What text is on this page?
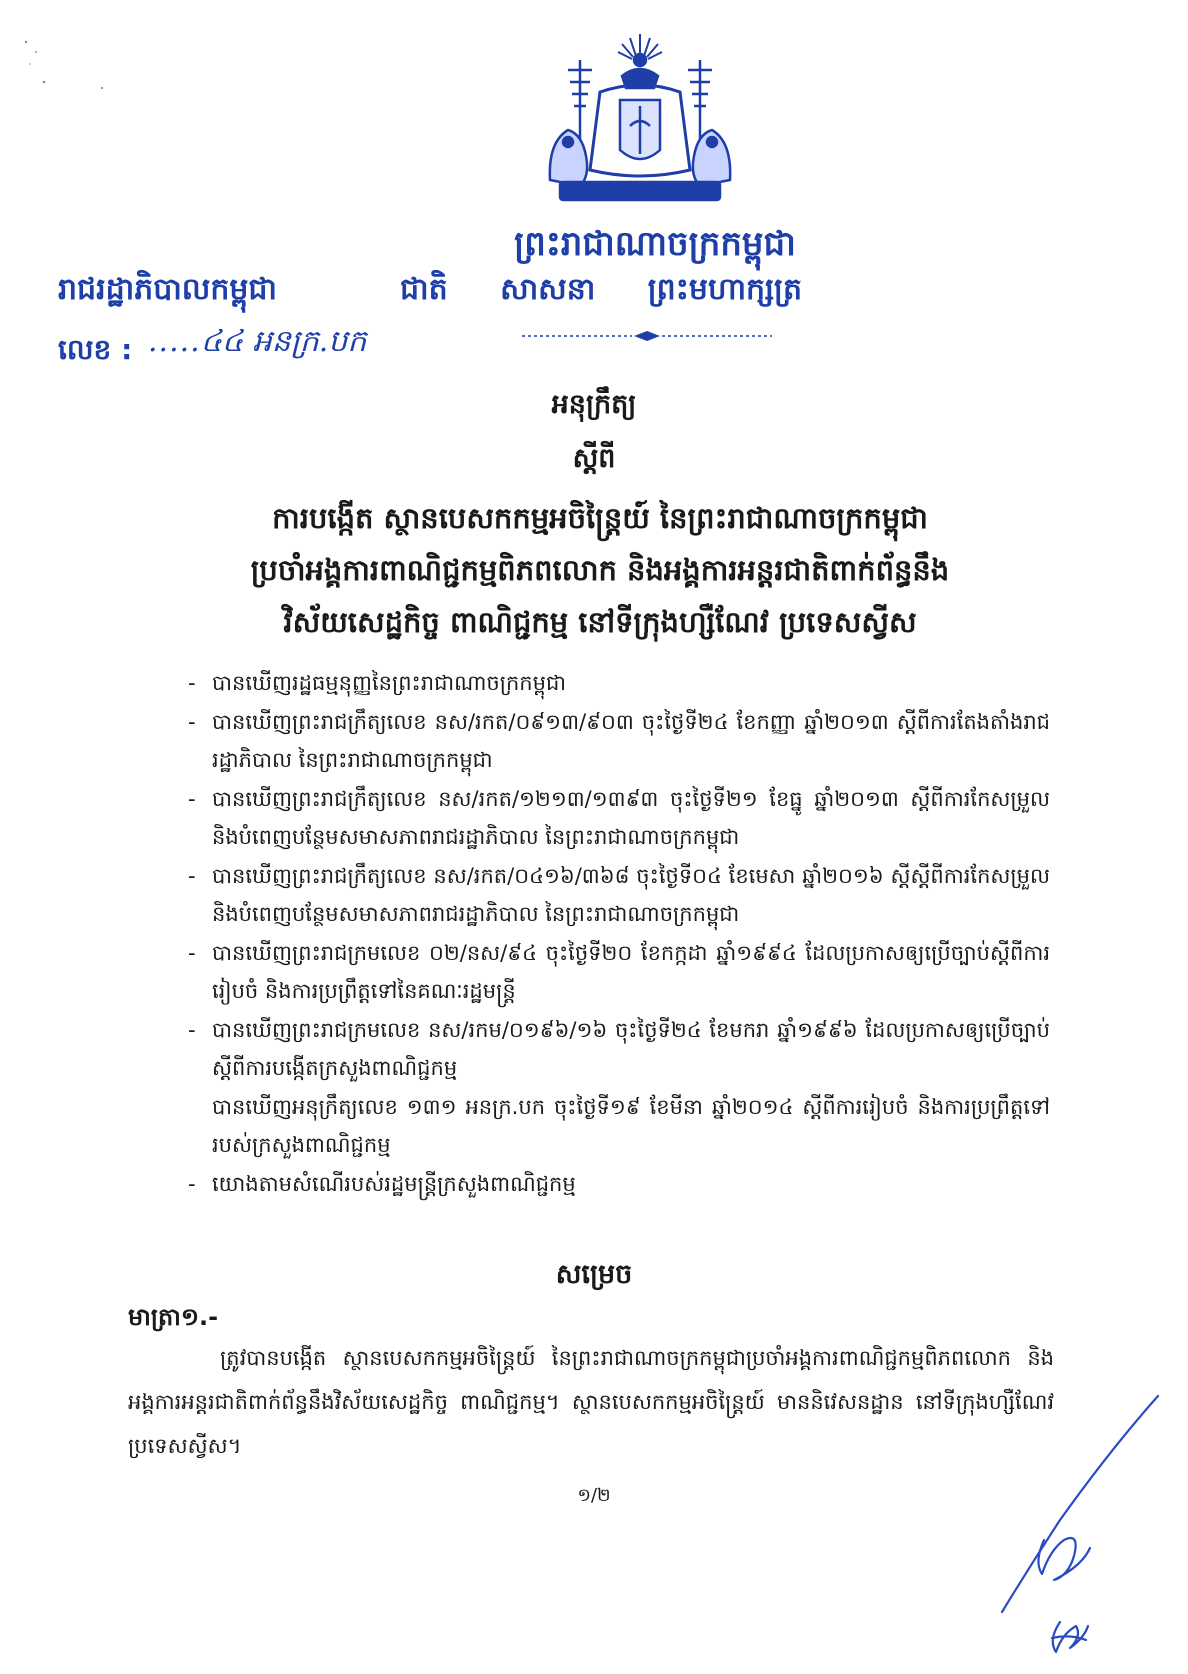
ព្រះរាជាណាចក្រកម្ពុជា
រាជរដ្ឋាភិបាលកម្ពុជា	ជាតិ សាសនា ព្រះមហាក្សត្រ
លេខ : .....៤៤ អនក្រ.បក
អនុក្រឹត្យ
ស្ដីពី
ការបង្កើត ស្ថានបេសកកម្មអចិន្ត្រៃយ៍ នៃព្រះរាជាណាចក្រកម្ពុជា
ប្រចាំអង្គការពាណិជ្ជកម្មពិភពលោក និងអង្គការអន្តរជាតិពាក់ព័ន្ធនឹង
វិស័យសេដ្ឋកិច្ច ពាណិជ្ជកម្ម នៅទីក្រុងហ្សឺណែវ ប្រទេសស្វីស
- បានឃើញរដ្ឋធម្មនុញ្ញនៃព្រះរាជាណាចក្រកម្ពុជា
- បានឃើញព្រះរាជក្រឹត្យលេខ នស/រកត/០៩១៣/៩០៣ ចុះថ្ងៃទី២៤ ខែកញ្ញា ឆ្នាំ២០១៣ ស្តីពីការតែងតាំងរាជរដ្ឋាភិបាល នៃព្រះរាជាណាចក្រកម្ពុជា
- បានឃើញព្រះរាជក្រឹត្យលេខ នស/រកត/១២១៣/១៣៩៣ ចុះថ្ងៃទី២១ ខែធ្នូ ឆ្នាំ២០១៣ ស្តីពីការកែសម្រួល និងបំពេញបន្ថែមសមាសភាពរាជរដ្ឋាភិបាល នៃព្រះរាជាណាចក្រកម្ពុជា
- បានឃើញព្រះរាជក្រឹត្យលេខ នស/រកត/០៤១៦/៣៦៨ ចុះថ្ងៃទី០៤ ខែមេសា ឆ្នាំ២០១៦ ស្តីស្តីពីការកែសម្រួល និងបំពេញបន្ថែមសមាសភាពរាជរដ្ឋាភិបាល នៃព្រះរាជាណាចក្រកម្ពុជា
- បានឃើញព្រះរាជក្រមលេខ ០២/នស/៩៤ ចុះថ្ងៃទី២០ ខែកក្កដា ឆ្នាំ១៩៩៤ ដែលប្រកាសឲ្យប្រើច្បាប់ស្តីពីការរៀបចំ និងការប្រព្រឹត្តទៅនៃគណៈរដ្ឋមន្ត្រី
- បានឃើញព្រះរាជក្រមលេខ នស/រកម/០១៩៦/១៦ ចុះថ្ងៃទី២៤ ខែមករា ឆ្នាំ១៩៩៦ ដែលប្រកាសឲ្យប្រើច្បាប់ស្តីពីការបង្កើតក្រសួងពាណិជ្ជកម្ម
បានឃើញអនុក្រឹត្យលេខ ១៣១ អនក្រ.បក ចុះថ្ងៃទី១៩ ខែមីនា ឆ្នាំ២០១៤ ស្តីពីការរៀបចំ និងការប្រព្រឹត្តទៅរបស់ក្រសួងពាណិជ្ជកម្ម
- យោងតាមសំណើរបស់រដ្ឋមន្ត្រីក្រសួងពាណិជ្ជកម្ម
សម្រេច
មាត្រា១.-
ត្រូវបានបង្កើត ស្ថានបេសកកម្មអចិន្ត្រៃយ៍ នៃព្រះរាជាណាចក្រកម្ពុជាប្រចាំអង្គការពាណិជ្ជកម្មពិភពលោក និងអង្គការអន្តរជាតិពាក់ព័ន្ធនឹងវិស័យសេដ្ឋកិច្ច ពាណិជ្ជកម្ម។ ស្ថានបេសកកម្មអចិន្ត្រៃយ៍ មាននិវេសនដ្ឋាន នៅទីក្រុងហ្សឺណែវ ប្រទេសស្វីស។
១/២
